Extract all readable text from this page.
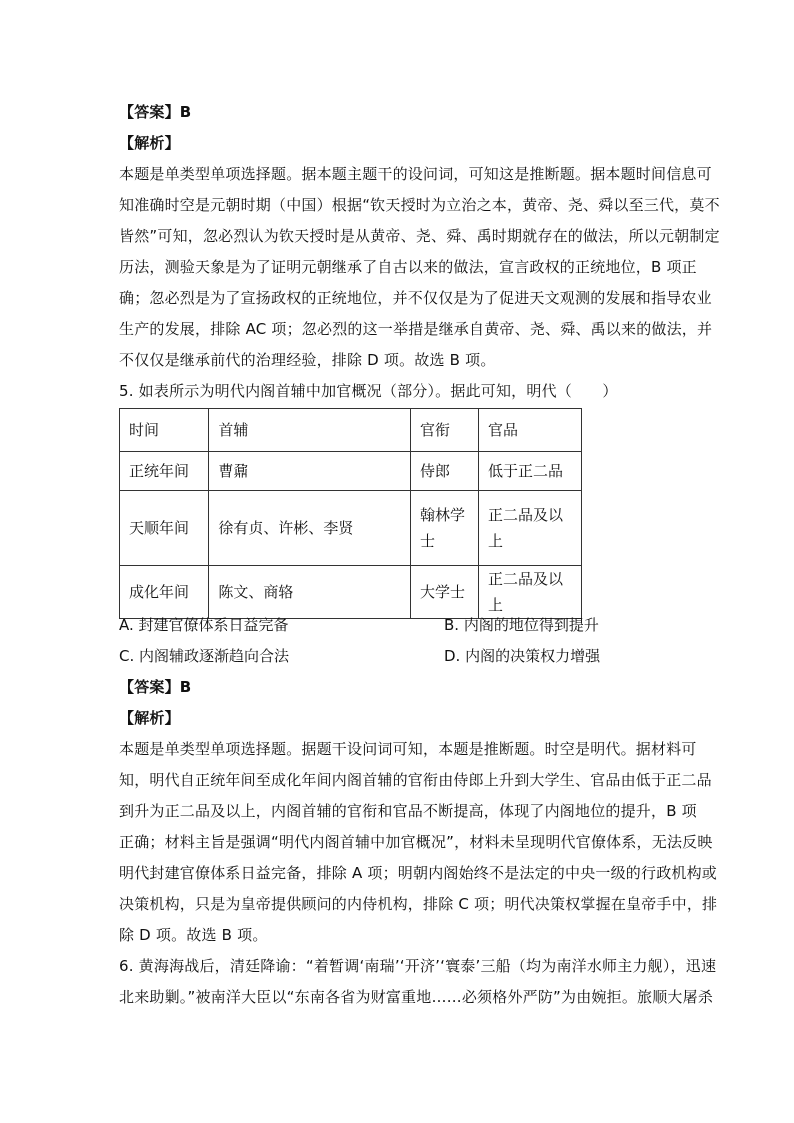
【答案】B
【解析】
本题是单类型单项选择题。据本题主题干的设问词，可知这是推断题。据本题时间信息可
知准确时空是元朝时期（中国）根据“钦天授时为立治之本，黄帝、尧、舜以至三代，莫不
皆然”可知，忽必烈认为钦天授时是从黄帝、尧、舜、禹时期就存在的做法，所以元朝制定
历法，测验天象是为了证明元朝继承了自古以来的做法，宣言政权的正统地位，B 项正
确；忽必烈是为了宣扬政权的正统地位，并不仅仅是为了促进天文观测的发展和指导农业
生产的发展，排除 AC 项；忽必烈的这一举措是继承自黄帝、尧、舜、禹以来的做法，并
不仅仅是继承前代的治理经验，排除 D 项。故选 B 项。
5. 如表所示为明代内阁首辅中加官概况（部分）。据此可知，明代（　　）
时间	首辅	官衔	官品
正统年间	曹鼐	侍郎	低于正二品
天顺年间	徐有贞、许彬、李贤	翰林学士	正二品及以上
成化年间	陈文、商辂	大学士	正二品及以上
A. 封建官僚体系日益完备	B. 内阁的地位得到提升
C. 内阁辅政逐渐趋向合法	D. 内阁的决策权力增强
【答案】B
【解析】
本题是单类型单项选择题。据题干设问词可知，本题是推断题。时空是明代。据材料可
知，明代自正统年间至成化年间内阁首辅的官衔由侍郎上升到大学生、官品由低于正二品
到升为正二品及以上，内阁首辅的官衔和官品不断提高，体现了内阁地位的提升，B 项
正确；材料主旨是强调“明代内阁首辅中加官概况”，材料未呈现明代官僚体系，无法反映
明代封建官僚体系日益完备，排除 A 项；明朝内阁始终不是法定的中央一级的行政机构或
决策机构，只是为皇帝提供顾问的内侍机构，排除 C 项；明代决策权掌握在皇帝手中，排
除 D 项。故选 B 项。
6. 黄海海战后，清廷降谕：“着暂调‘南瑞’‘开济’‘寰泰’三船（均为南洋水师主力舰），迅速
北来助剿。”被南洋大臣以“东南各省为财富重地……必须格外严防”为由婉拒。旅顺大屠杀
